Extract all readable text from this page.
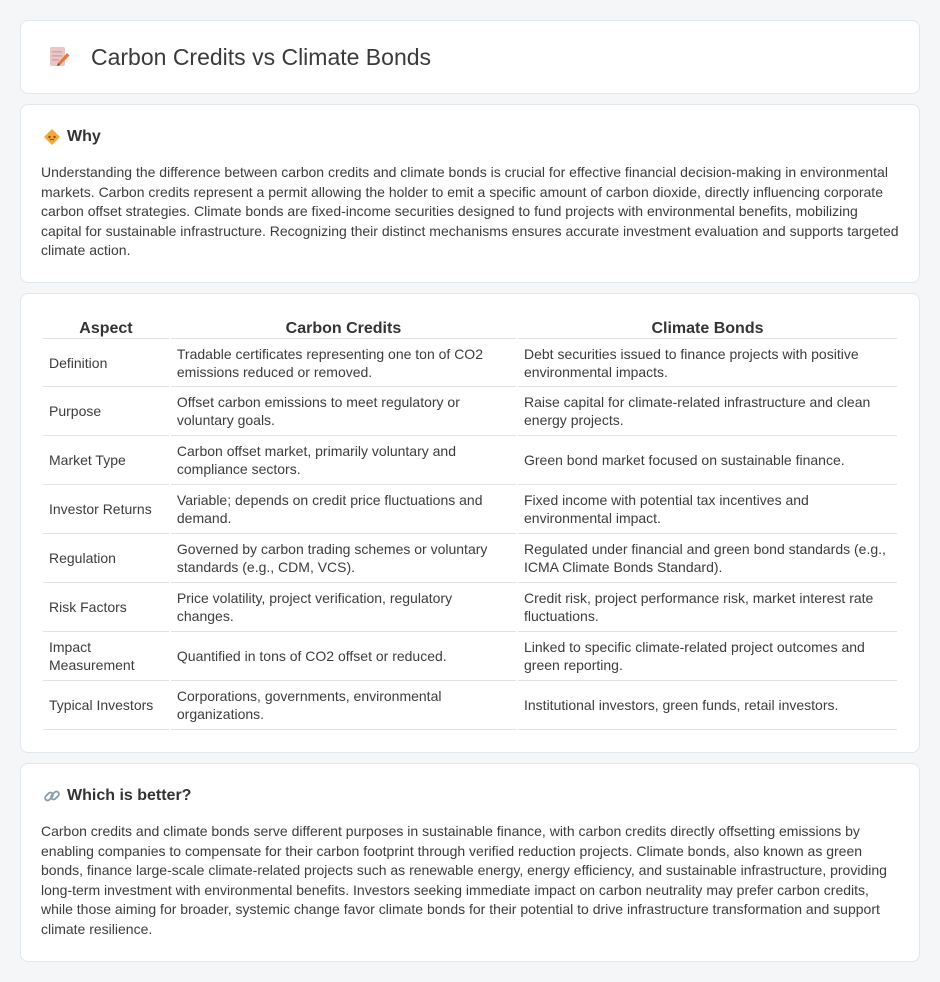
Carbon Credits vs Climate Bonds
Why

Understanding the difference between carbon credits and climate bonds is crucial for effective financial decision-making in environmental markets. Carbon credits represent a permit allowing the holder to emit a specific amount of carbon dioxide, directly influencing corporate carbon offset strategies. Climate bonds are fixed-income securities designed to fund projects with environmental benefits, mobilizing capital for sustainable infrastructure. Recognizing their distinct mechanisms ensures accurate investment evaluation and supports targeted climate action.

Aspect	Carbon Credits	Climate Bonds
Definition	Tradable certificates representing one ton of CO2 emissions reduced or removed.	Debt securities issued to finance projects with positive environmental impacts.
Purpose	Offset carbon emissions to meet regulatory or voluntary goals.	Raise capital for climate-related infrastructure and clean energy projects.
Market Type	Carbon offset market, primarily voluntary and compliance sectors.	Green bond market focused on sustainable finance.
Investor Returns	Variable; depends on credit price fluctuations and demand.	Fixed income with potential tax incentives and environmental impact.
Regulation	Governed by carbon trading schemes or voluntary standards (e.g., CDM, VCS).	Regulated under financial and green bond standards (e.g., ICMA Climate Bonds Standard).
Risk Factors	Price volatility, project verification, regulatory changes.	Credit risk, project performance risk, market interest rate fluctuations.
Impact Measurement	Quantified in tons of CO2 offset or reduced.	Linked to specific climate-related project outcomes and green reporting.
Typical Investors	Corporations, governments, environmental organizations.	Institutional investors, green funds, retail investors.
Which is better?

Carbon credits and climate bonds serve different purposes in sustainable finance, with carbon credits directly offsetting emissions by enabling companies to compensate for their carbon footprint through verified reduction projects. Climate bonds, also known as green bonds, finance large-scale climate-related projects such as renewable energy, energy efficiency, and sustainable infrastructure, providing long-term investment with environmental benefits. Investors seeking immediate impact on carbon neutrality may prefer carbon credits, while those aiming for broader, systemic change favor climate bonds for their potential to drive infrastructure transformation and support climate resilience.
